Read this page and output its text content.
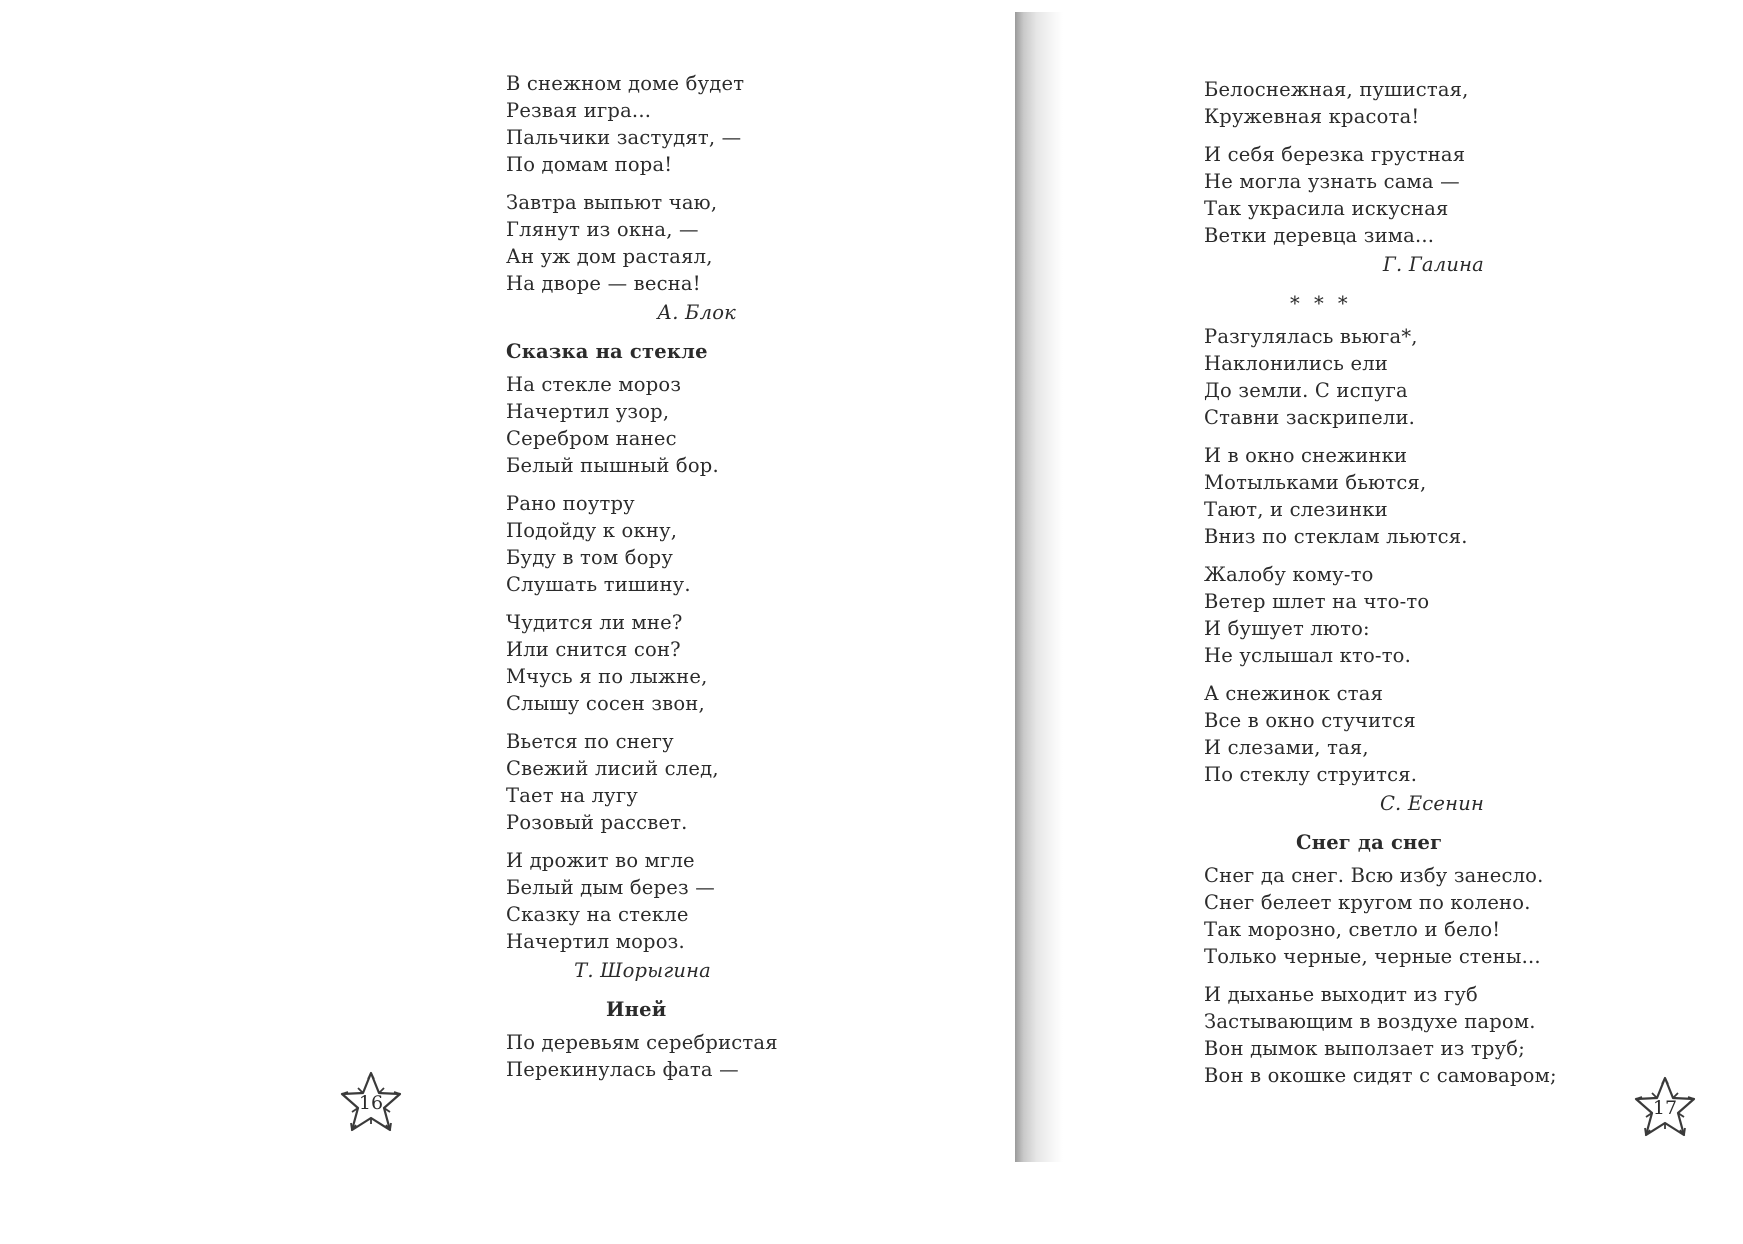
В снежном доме будет
Резвая игра...
Пальчики застудят, —
По домам пора!
Завтра выпьют чаю,
Глянут из окна, —
Ан уж дом растаял,
На дворе — весна!
А. Блок
Сказка на стекле
На стекле мороз
Начертил узор,
Серебром нанес
Белый пышный бор.
Рано поутру
Подойду к окну,
Буду в том бору
Слушать тишину.
Чудится ли мне?
Или снится сон?
Мчусь я по лыжне,
Слышу сосен звон,
Вьется по снегу
Свежий лисий след,
Тает на лугу
Розовый рассвет.
И дрожит во мгле
Белый дым берез —
Сказку на стекле
Начертил мороз.
Т. Шорыгина
Иней
По деревьям серебристая
Перекинулась фата —
Белоснежная, пушистая,
Кружевная красота!
И себя березка грустная
Не могла узнать сама —
Так украсила искусная
Ветки деревца зима...
Г. Галина
* * *
Разгулялась вьюга*,
Наклонились ели
До земли. С испуга
Ставни заскрипели.
И в окно снежинки
Мотыльками бьются,
Тают, и слезинки
Вниз по стеклам льются.
Жалобу кому-то
Ветер шлет на что-то
И бушует люто:
Не услышал кто-то.
А снежинок стая
Все в окно стучится
И слезами, тая,
По стеклу струится.
С. Есенин
Снег да снег
Снег да снег. Всю избу занесло.
Снег белеет кругом по колено.
Так морозно, светло и бело!
Только черные, черные стены...
И дыханье выходит из губ
Застывающим в воздухе паром.
Вон дымок выползает из труб;
Вон в окошке сидят с самоваром;
16	17
